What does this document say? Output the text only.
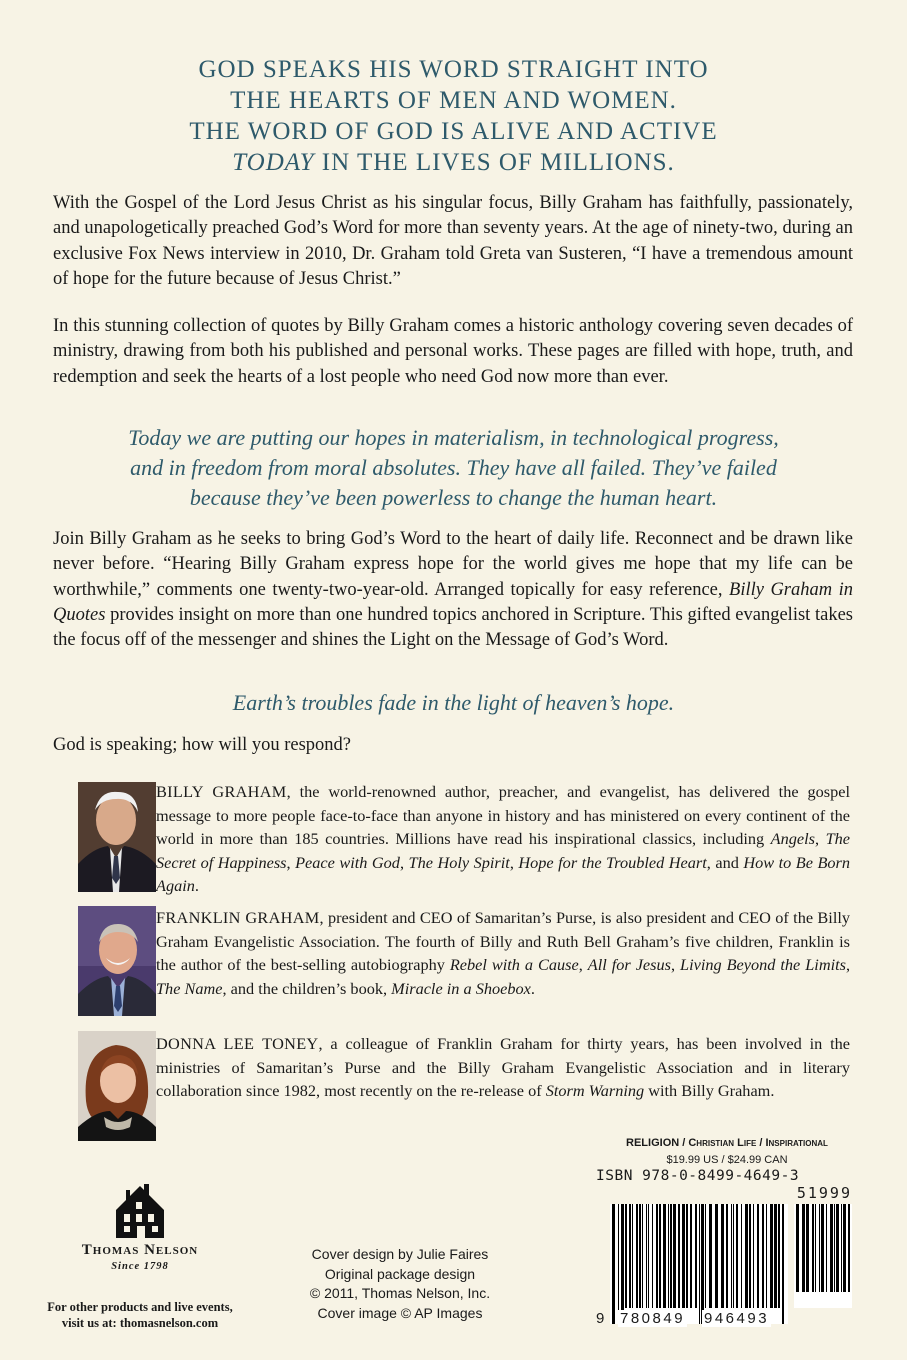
GOD SPEAKS HIS WORD STRAIGHT INTO
THE HEARTS OF MEN AND WOMEN.
THE WORD OF GOD IS ALIVE AND ACTIVE
TODAY IN THE LIVES OF MILLIONS.
With the Gospel of the Lord Jesus Christ as his singular focus, Billy Graham has faithfully, passionately, and unapologetically preached God’s Word for more than seventy years. At the age of ninety-two, during an exclusive Fox News interview in 2010, Dr. Graham told Greta van Susteren, “I have a tremendous amount of hope for the future because of Jesus Christ.”
In this stunning collection of quotes by Billy Graham comes a historic anthology covering seven decades of ministry, drawing from both his published and personal works. These pages are filled with hope, truth, and redemption and seek the hearts of a lost people who need God now more than ever.
Today we are putting our hopes in materialism, in technological progress,
and in freedom from moral absolutes. They have all failed. They’ve failed
because they’ve been powerless to change the human heart.
Join Billy Graham as he seeks to bring God’s Word to the heart of daily life. Reconnect and be drawn like never before. “Hearing Billy Graham express hope for the world gives me hope that my life can be worthwhile,” comments one twenty-two-year-old. Arranged topically for easy reference, Billy Graham in Quotes provides insight on more than one hundred topics anchored in Scripture. This gifted evangelist takes the focus off of the messenger and shines the Light on the Message of God’s Word.
Earth’s troubles fade in the light of heaven’s hope.
God is speaking; how will you respond?
BILLY GRAHAM, the world-renowned author, preacher, and evangelist, has delivered the gospel message to more people face-to-face than anyone in history and has ministered on every continent of the world in more than 185 countries. Millions have read his inspirational classics, including Angels, The Secret of Happiness, Peace with God, The Holy Spirit, Hope for the Troubled Heart, and How to Be Born Again.
FRANKLIN GRAHAM, president and CEO of Samaritan’s Purse, is also president and CEO of the Billy Graham Evangelistic Association. The fourth of Billy and Ruth Bell Graham’s five children, Franklin is the author of the best-selling autobiography Rebel with a Cause, All for Jesus, Living Beyond the Limits, The Name, and the children’s book, Miracle in a Shoebox.
DONNA LEE TONEY, a colleague of Franklin Graham for thirty years, has been involved in the ministries of Samaritan’s Purse and the Billy Graham Evangelistic Association and in literary collaboration since 1982, most recently on the re-release of Storm Warning with Billy Graham.
Thomas Nelson
Since 1798
For other products and live events,
visit us at: thomasnelson.com
Cover design by Julie Faires
Original package design
© 2011, Thomas Nelson, Inc.
Cover image © AP Images
RELIGION / Christian Life / Inspirational
$19.99 US / $24.99 CAN
ISBN 978-0-8499-4649-3
51999
9 780849 946493
